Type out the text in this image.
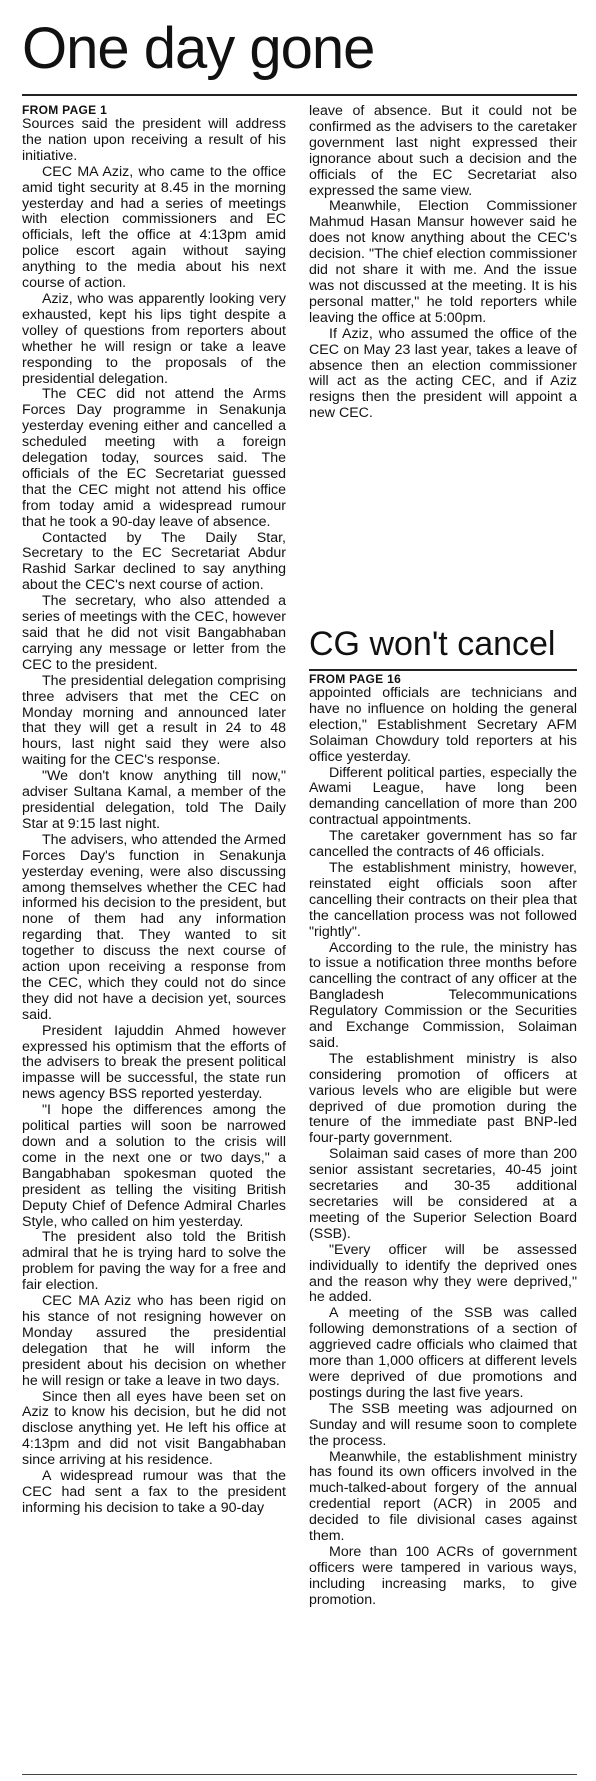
One day gone

FROM PAGE 1

Sources said the president will address the nation upon receiving a result of his initiative.

CEC MA Aziz, who came to the office amid tight security at 8.45 in the morning yesterday and had a series of meetings with election commissioners and EC officials, left the office at 4:13pm amid police escort again without saying anything to the media about his next course of action.

Aziz, who was apparently looking very exhausted, kept his lips tight despite a volley of questions from reporters about whether he will resign or take a leave responding to the proposals of the presidential delegation.

The CEC did not attend the Arms Forces Day programme in Senakunja yesterday evening either and cancelled a scheduled meeting with a foreign delegation today, sources said. The officials of the EC Secretariat guessed that the CEC might not attend his office from today amid a widespread rumour that he took a 90-day leave of absence.

Contacted by The Daily Star, Secretary to the EC Secretariat Abdur Rashid Sarkar declined to say anything about the CEC's next course of action.

The secretary, who also attended a series of meetings with the CEC, however said that he did not visit Bangabhaban carrying any message or letter from the CEC to the president.

The presidential delegation comprising three advisers that met the CEC on Monday morning and announced later that they will get a result in 24 to 48 hours, last night said they were also waiting for the CEC's response.

"We don't know anything till now," adviser Sultana Kamal, a member of the presidential delegation, told The Daily Star at 9:15 last night.

The advisers, who attended the Armed Forces Day's function in Senakunja yesterday evening, were also discussing among themselves whether the CEC had informed his decision to the president, but none of them had any information regarding that. They wanted to sit together to discuss the next course of action upon receiving a response from the CEC, which they could not do since they did not have a decision yet, sources said.

President Iajuddin Ahmed however expressed his optimism that the efforts of the advisers to break the present political impasse will be successful, the state run news agency BSS reported yesterday.

"I hope the differences among the political parties will soon be narrowed down and a solution to the crisis will come in the next one or two days," a Bangabhaban spokesman quoted the president as telling the visiting British Deputy Chief of Defence Admiral Charles Style, who called on him yesterday.

The president also told the British admiral that he is trying hard to solve the problem for paving the way for a free and fair election.

CEC MA Aziz who has been rigid on his stance of not resigning however on Monday assured the presidential delegation that he will inform the president about his decision on whether he will resign or take a leave in two days.

Since then all eyes have been set on Aziz to know his decision, but he did not disclose anything yet. He left his office at 4:13pm and did not visit Bangabhaban since arriving at his residence.

A widespread rumour was that the CEC had sent a fax to the president informing his decision to take a 90-day

leave of absence. But it could not be confirmed as the advisers to the caretaker government last night expressed their ignorance about such a decision and the officials of the EC Secretariat also expressed the same view.

Meanwhile, Election Commissioner Mahmud Hasan Mansur however said he does not know anything about the CEC's decision. "The chief election commissioner did not share it with me. And the issue was not discussed at the meeting. It is his personal matter," he told reporters while leaving the office at 5:00pm.

If Aziz, who assumed the office of the CEC on May 23 last year, takes a leave of absence then an election commissioner will act as the acting CEC, and if Aziz resigns then the president will appoint a new CEC.

CG won't cancel

FROM PAGE 16

appointed officials are technicians and have no influence on holding the general election," Establishment Secretary AFM Solaiman Chowdury told reporters at his office yesterday.

Different political parties, especially the Awami League, have long been demanding cancellation of more than 200 contractual appointments.

The caretaker government has so far cancelled the contracts of 46 officials.

The establishment ministry, however, reinstated eight officials soon after cancelling their contracts on their plea that the cancellation process was not followed "rightly".

According to the rule, the ministry has to issue a notification three months before cancelling the contract of any officer at the Bangladesh Telecommunications Regulatory Commission or the Securities and Exchange Commission, Solaiman said.

The establishment ministry is also considering promotion of officers at various levels who are eligible but were deprived of due promotion during the tenure of the immediate past BNP-led four-party government.

Solaiman said cases of more than 200 senior assistant secretaries, 40-45 joint secretaries and 30-35 additional secretaries will be considered at a meeting of the Superior Selection Board (SSB).

"Every officer will be assessed individually to identify the deprived ones and the reason why they were deprived," he added.

A meeting of the SSB was called following demonstrations of a section of aggrieved cadre officials who claimed that more than 1,000 officers at different levels were deprived of due promotions and postings during the last five years.

The SSB meeting was adjourned on Sunday and will resume soon to complete the process.

Meanwhile, the establishment ministry has found its own officers involved in the much-talked-about forgery of the annual credential report (ACR) in 2005 and decided to file divisional cases against them.

More than 100 ACRs of government officers were tampered in various ways, including increasing marks, to give promotion.
